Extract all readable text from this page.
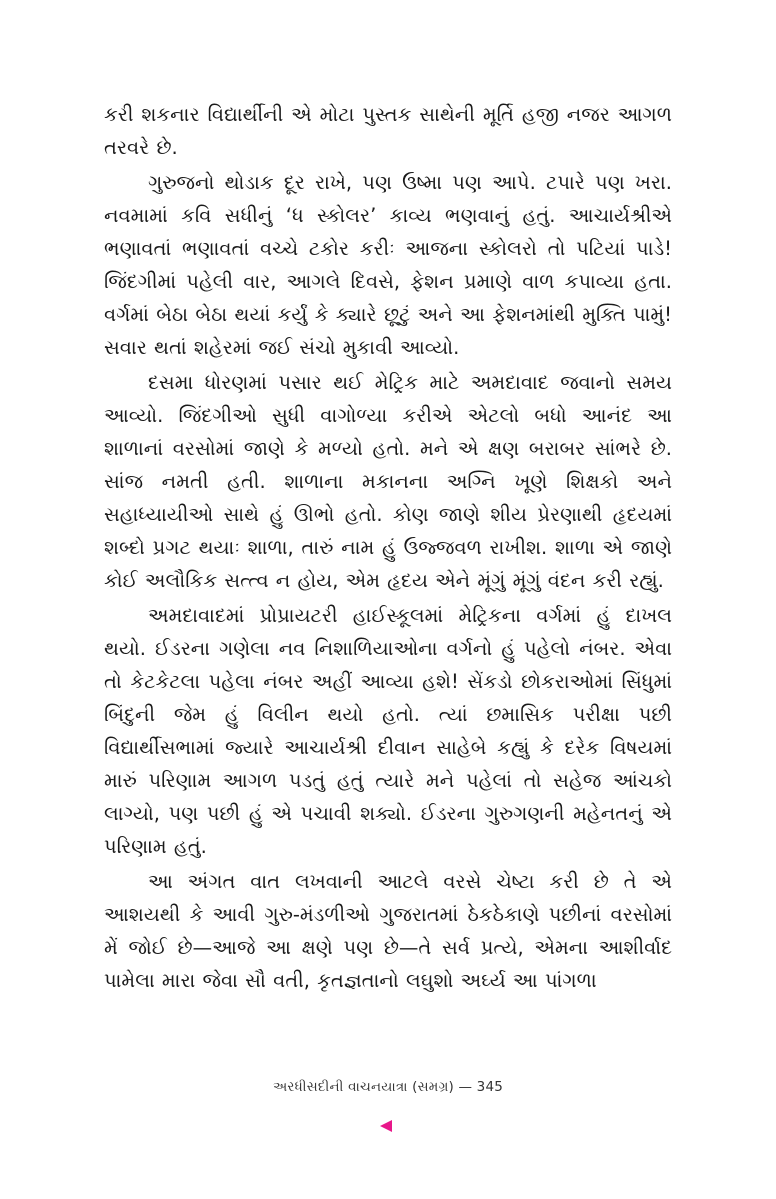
કરી શકનાર વિદ્યાર્થીની એ મોટા પુસ્તક સાથેની મૂર્તિ હજી નજર આગળ તરવરે છે.

ગુરુજનો થોડાક દૂર રાખે, પણ ઉષ્મા પણ આપે. ટપારે પણ ખરા. નવમામાં કવિ સધીનું ‘ધ સ્કોલર’ કાવ્ય ભણવાનું હતું. આચાર્યશ્રીએ ભણાવતાં ભણાવતાં વચ્ચે ટકોર કરીઃ આજના સ્કોલરો તો પટિયાં પાડે! જિંદગીમાં પહેલી વાર, આગલે દિવસે, ફેશન પ્રમાણે વાળ કપાવ્યા હતા. વર્ગમાં બેઠા બેઠા થયાં કર્યું કે ક્યારે છૂટું અને આ ફેશનમાંથી મુક્તિ પામું! સવાર થતાં શહેરમાં જઈ સંચો મુકાવી આવ્યો.

દસમા ધોરણમાં પસાર થઈ મેટ્રિક માટે અમદાવાદ જવાનો સમય આવ્યો. જિંદગીઓ સુધી વાગોળ્યા કરીએ એટલો બધો આનંદ આ શાળાનાં વરસોમાં જાણે કે મળ્યો હતો. મને એ ક્ષણ બરાબર સાંભરે છે. સાંજ નમતી હતી. શાળાના મકાનના અગ્નિ ખૂણે શિક્ષકો અને સહાધ્યાયીઓ સાથે હું ઊભો હતો. કોણ જાણે શીય પ્રેરણાથી હૃદયમાં શબ્દો પ્રગટ થયાઃ શાળા, તારું નામ હું ઉજ્જવળ રાખીશ. શાળા એ જાણે કોઈ અલૌકિક સત્ત્વ ન હોય, એમ હૃદય એને મૂંગું મૂંગું વંદન કરી રહ્યું.

અમદાવાદમાં પ્રોપ્રાયટરી હાઈસ્કૂલમાં મેટ્રિકના વર્ગમાં હું દાખલ થયો. ઈડરના ગણેલા નવ નિશાળિયાઓના વર્ગનો હું પહેલો નંબર. એવા તો કેટકેટલા પહેલા નંબર અહીં આવ્યા હશે! સેંકડો છોકરાઓમાં સિંધુમાં બિંદુની જેમ હું વિલીન થયો હતો. ત્યાં છમાસિક પરીક્ષા પછી વિદ્યાર્થીસભામાં જ્યારે આચાર્યશ્રી દીવાન સાહેબે કહ્યું કે દરેક વિષયમાં મારું પરિણામ આગળ પડતું હતું ત્યારે મને પહેલાં તો સહેજ આંચકો લાગ્યો, પણ પછી હું એ પચાવી શક્યો. ઈડરના ગુરુગણની મહેનતનું એ પરિણામ હતું.

આ અંગત વાત લખવાની આટલે વરસે ચેષ્ટા કરી છે તે એ આશયથી કે આવી ગુરુ-મંડળીઓ ગુજરાતમાં ઠેકઠેકાણે પછીનાં વરસોમાં મેં જોઈ છે—આજે આ ક્ષણે પણ છે—તે સર્વ પ્રત્યે, એમના આશીર્વાદ પામેલા મારા જેવા સૌ વતી, કૃતજ્ઞતાનો લઘુશો અર્ઘ્ય આ પાંગળા

અરધીસદીની વાચનયાત્રા (સમગ્ર) — 345
